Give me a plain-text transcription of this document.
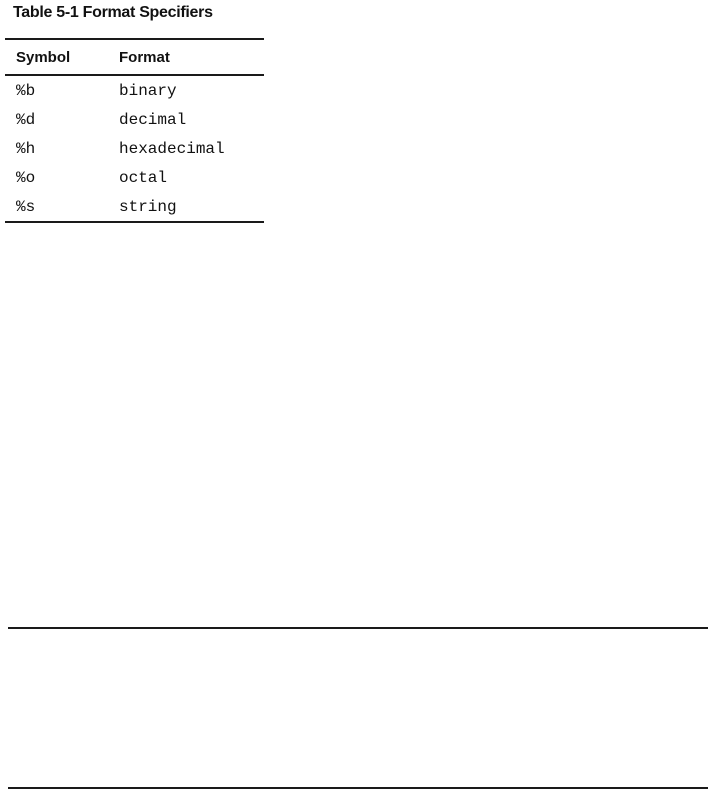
Table 5-1 Format Specifiers
Symbol	Format
%b	binary
%d	decimal
%h	hexadecimal
%o	octal
%s	string
